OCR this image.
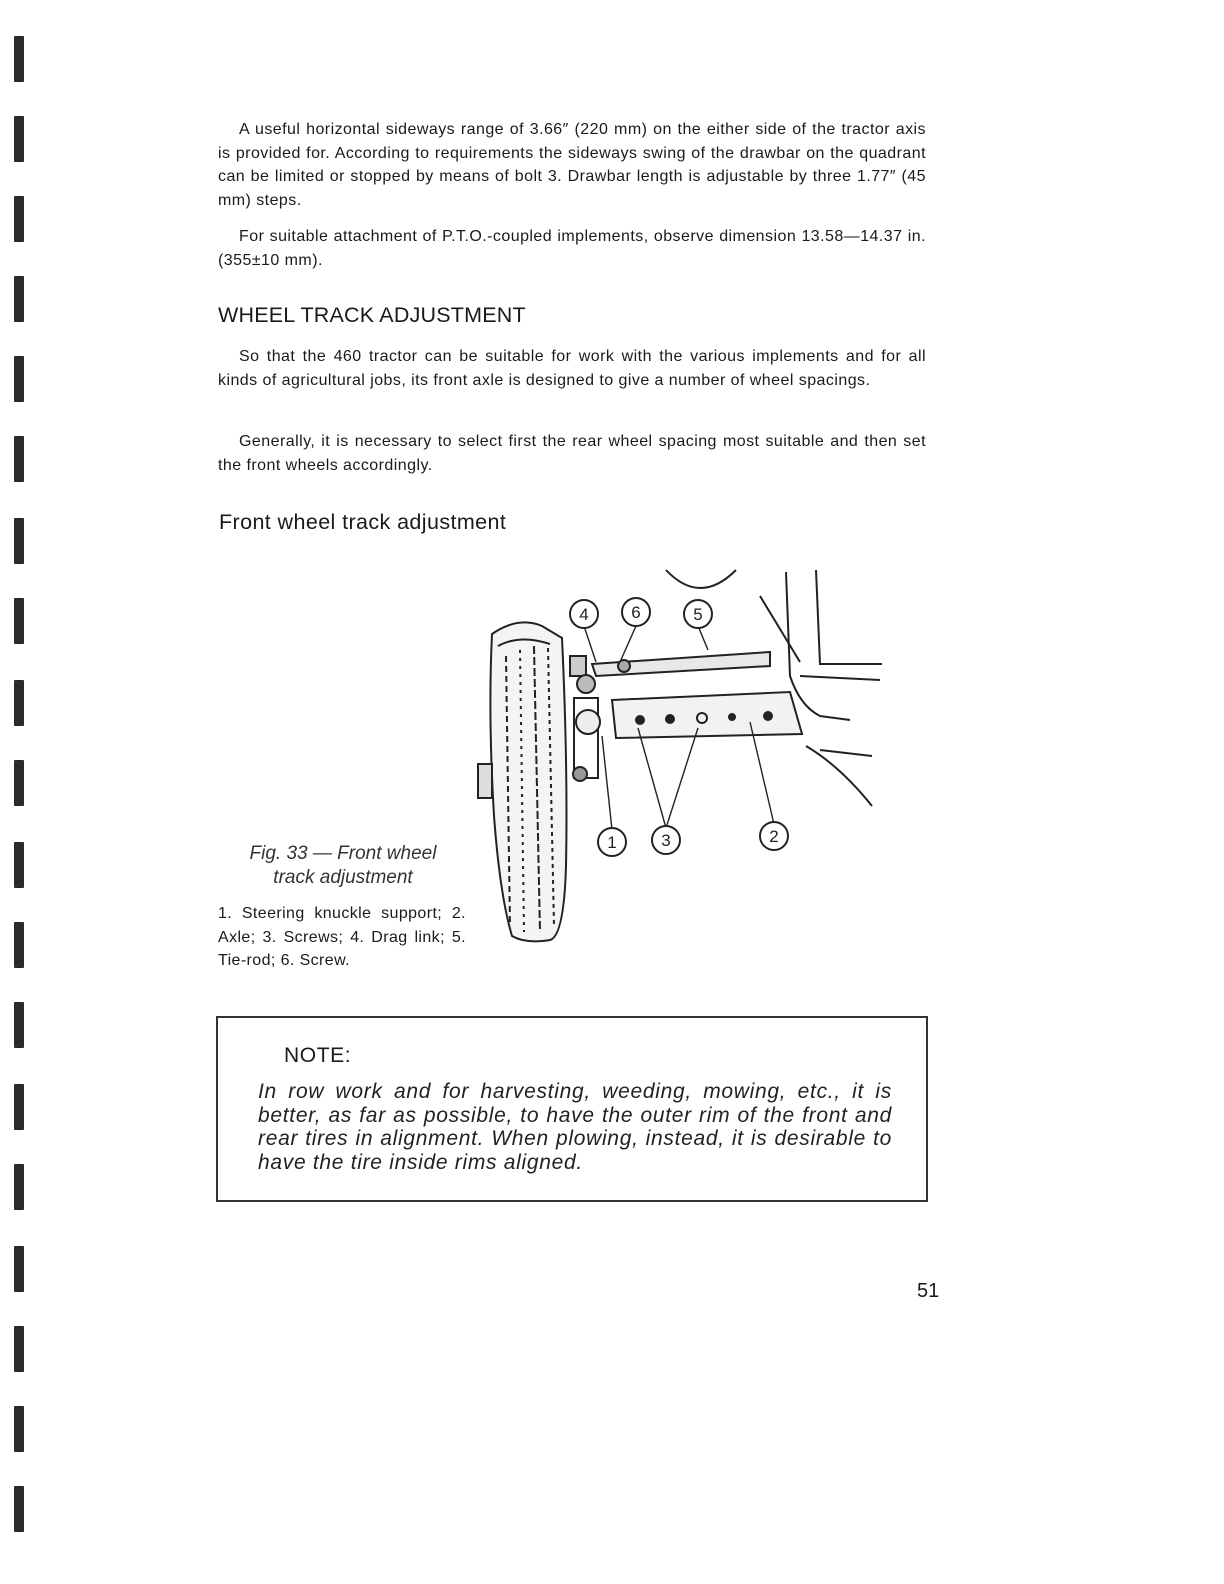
A useful horizontal sideways range of 3.66″ (220 mm) on the either side of the tractor axis is provided for. According to requirements the sideways swing of the drawbar on the quadrant can be limited or stopped by means of bolt 3. Drawbar length is adjustable by three 1.77″ (45 mm) steps.

For suitable attachment of P.T.O.-coupled implements, observe dimension 13.58—14.37 in. (355±10 mm).

WHEEL TRACK ADJUSTMENT

So that the 460 tractor can be suitable for work with the various implements and for all kinds of agricultural jobs, its front axle is designed to give a number of wheel spacings.

Generally, it is necessary to select first the rear wheel spacing most suitable and then set the front wheels accordingly.

Front wheel track adjustment
4	6	5
1	3	2
Fig. 33 — Front wheel
track adjustment

1. Steering knuckle support; 2. Axle; 3. Screws; 4. Drag link; 5. Tie-rod; 6. Screw.

NOTE:

In row work and for harvesting, weeding, mowing, etc., it is better, as far as possible, to have the outer rim of the front and rear tires in alignment. When plowing, instead, it is desirable to have the tire inside rims aligned.

51
